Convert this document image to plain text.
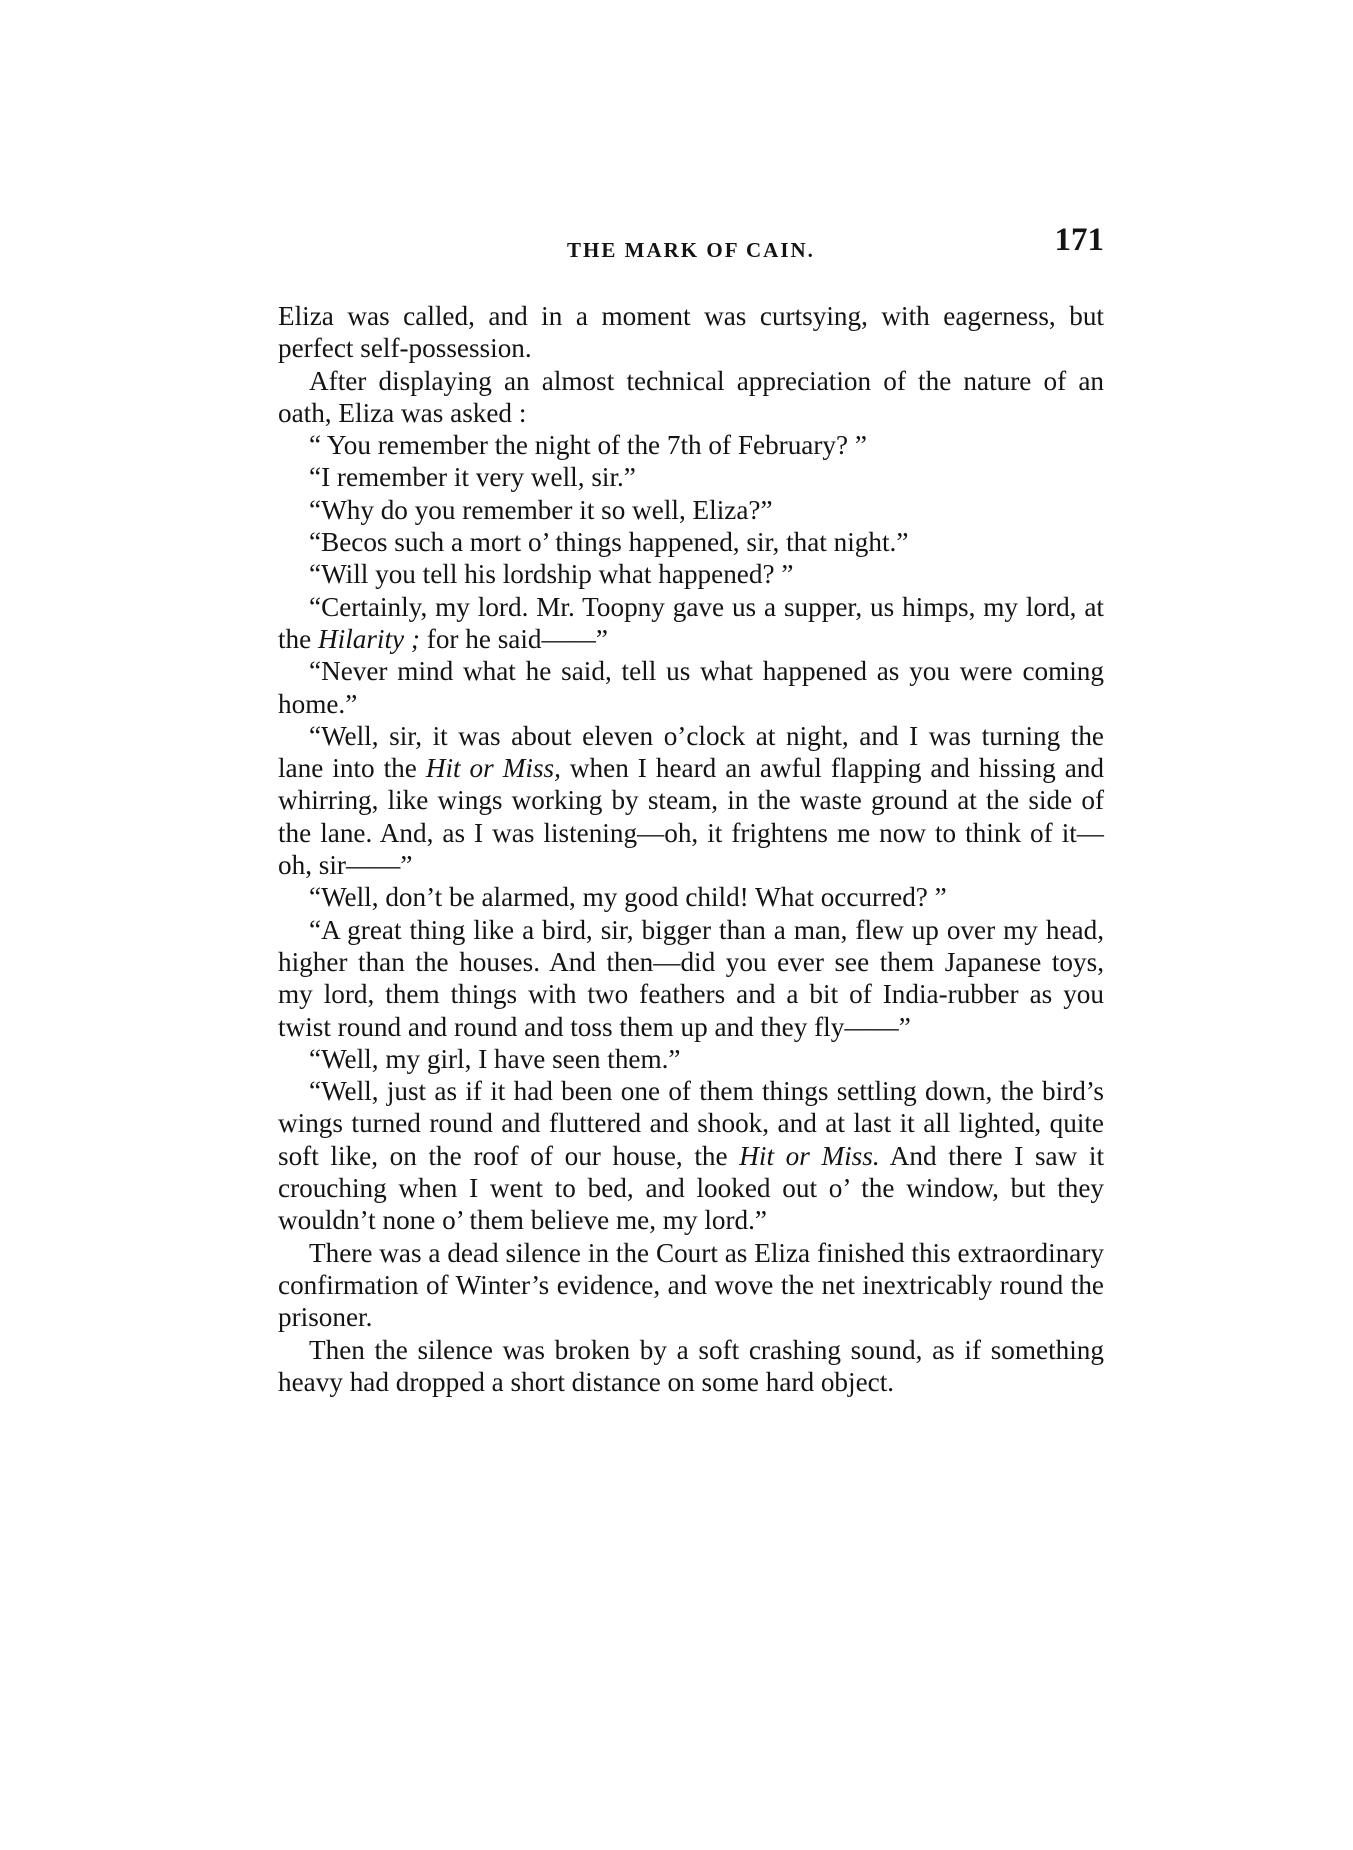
THE MARK OF CAIN.	171

Eliza was called, and in a moment was curtsying, with eagerness, but perfect self-possession.

After displaying an almost technical appreciation of the nature of an oath, Eliza was asked :

“ You remember the night of the 7th of February? ”

“I remember it very well, sir.”

“Why do you remember it so well, Eliza?”

“Becos such a mort o’ things happened, sir, that night.”

“Will you tell his lordship what happened? ”

“Certainly, my lord. Mr. Toopny gave us a supper, us himps, my lord, at the Hilarity ; for he said——”

“Never mind what he said, tell us what happened as you were coming home.”

“Well, sir, it was about eleven o’clock at night, and I was turning the lane into the Hit or Miss, when I heard an awful flapping and hissing and whirring, like wings working by steam, in the waste ground at the side of the lane. And, as I was listening—oh, it frightens me now to think of it—oh, sir——”

“Well, don’t be alarmed, my good child! What occurred? ”

“A great thing like a bird, sir, bigger than a man, flew up over my head, higher than the houses. And then—did you ever see them Japanese toys, my lord, them things with two feathers and a bit of India-rubber as you twist round and round and toss them up and they fly——”

“Well, my girl, I have seen them.”

“Well, just as if it had been one of them things settling down, the bird’s wings turned round and fluttered and shook, and at last it all lighted, quite soft like, on the roof of our house, the Hit or Miss. And there I saw it crouching when I went to bed, and looked out o’ the window, but they wouldn’t none o’ them believe me, my lord.”

There was a dead silence in the Court as Eliza finished this extraordinary confirmation of Winter’s evidence, and wove the net inextricably round the prisoner.

Then the silence was broken by a soft crashing sound, as if something heavy had dropped a short distance on some hard object.
